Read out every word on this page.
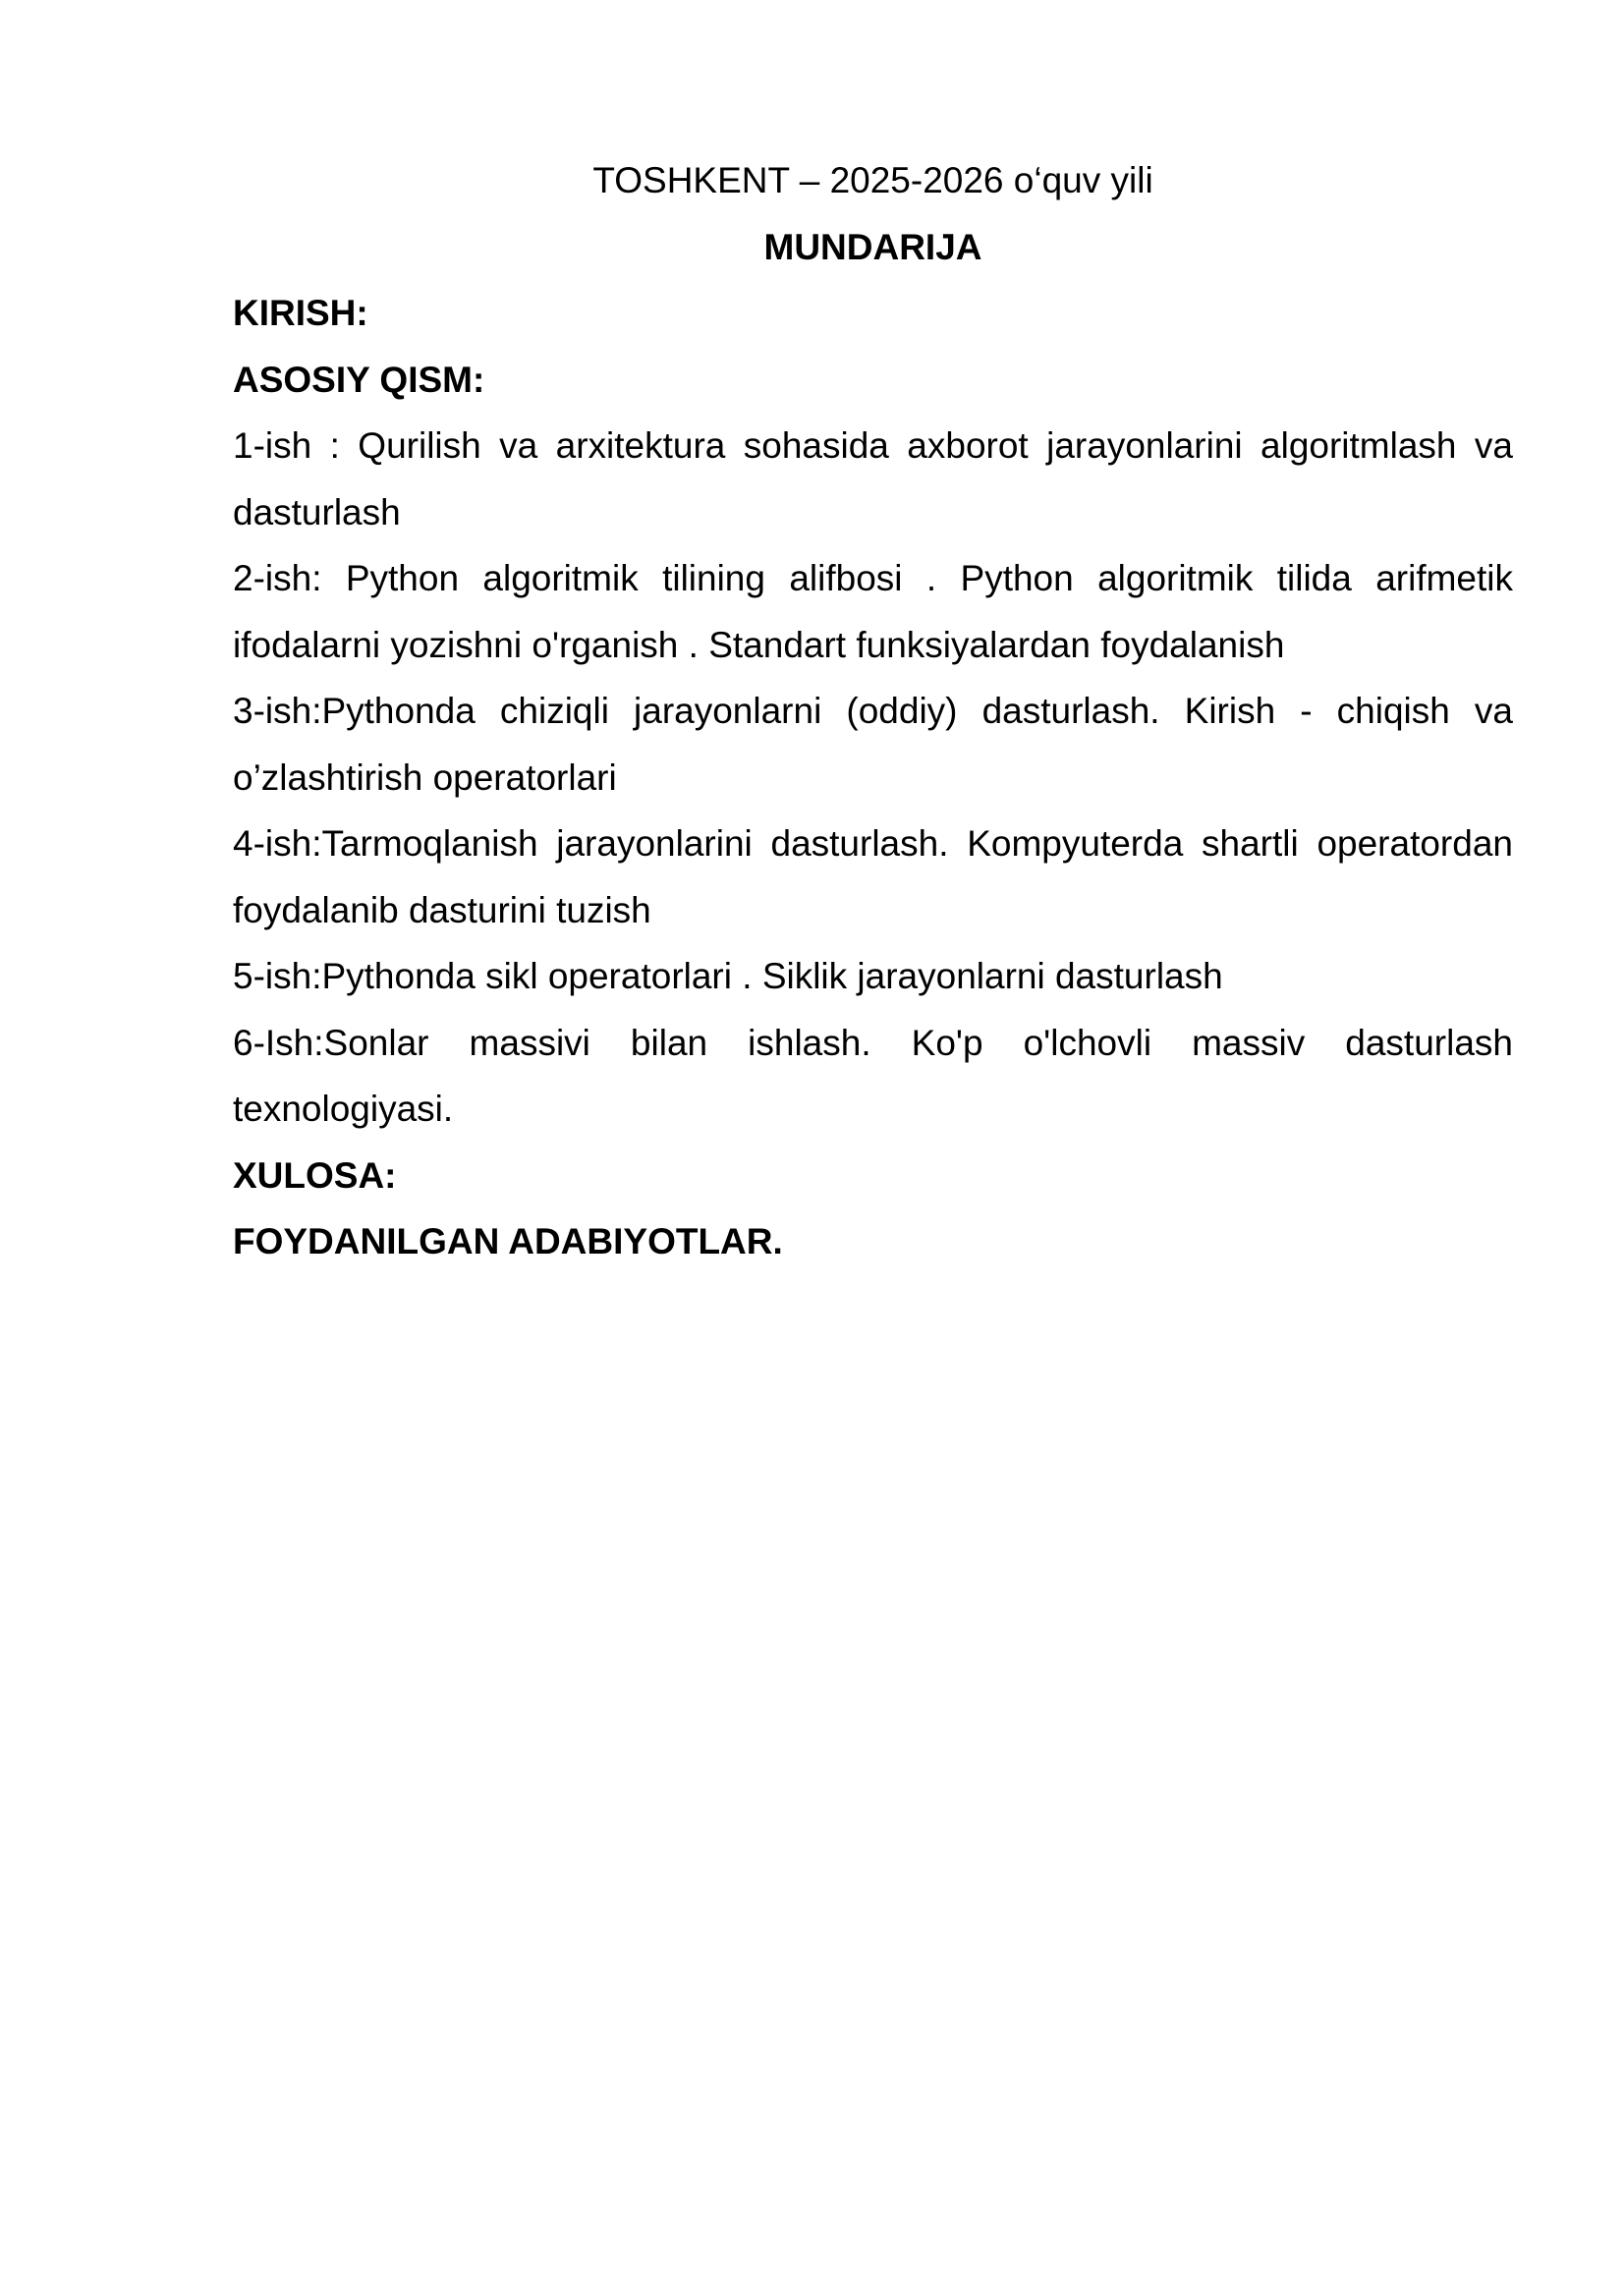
TOSHKENT – 2025-2026 o‘quv yili
MUNDARIJA
KIRISH:
ASOSIY QISM:
1-ish : Qurilish va arxitektura sohasida axborot jarayonlarini algoritmlash va dasturlash
2-ish: Python algoritmik tilining alifbosi . Python algoritmik tilida arifmetik ifodalarni yozishni o'rganish . Standart funksiyalardan foydalanish
3-ish:Pythonda chiziqli jarayonlarni (oddiy) dasturlash. Kirish - chiqish va o’zlashtirish operatorlari
4-ish:Tarmoqlanish jarayonlarini dasturlash. Kompyuterda shartli operatordan foydalanib dasturini tuzish
5-ish:Pythonda sikl operatorlari . Siklik jarayonlarni dasturlash
6-Ish:Sonlar massivi bilan ishlash. Ko'p o'lchovli massiv dasturlash texnologiyasi.
XULOSA:
FOYDANILGAN ADABIYOTLAR.
